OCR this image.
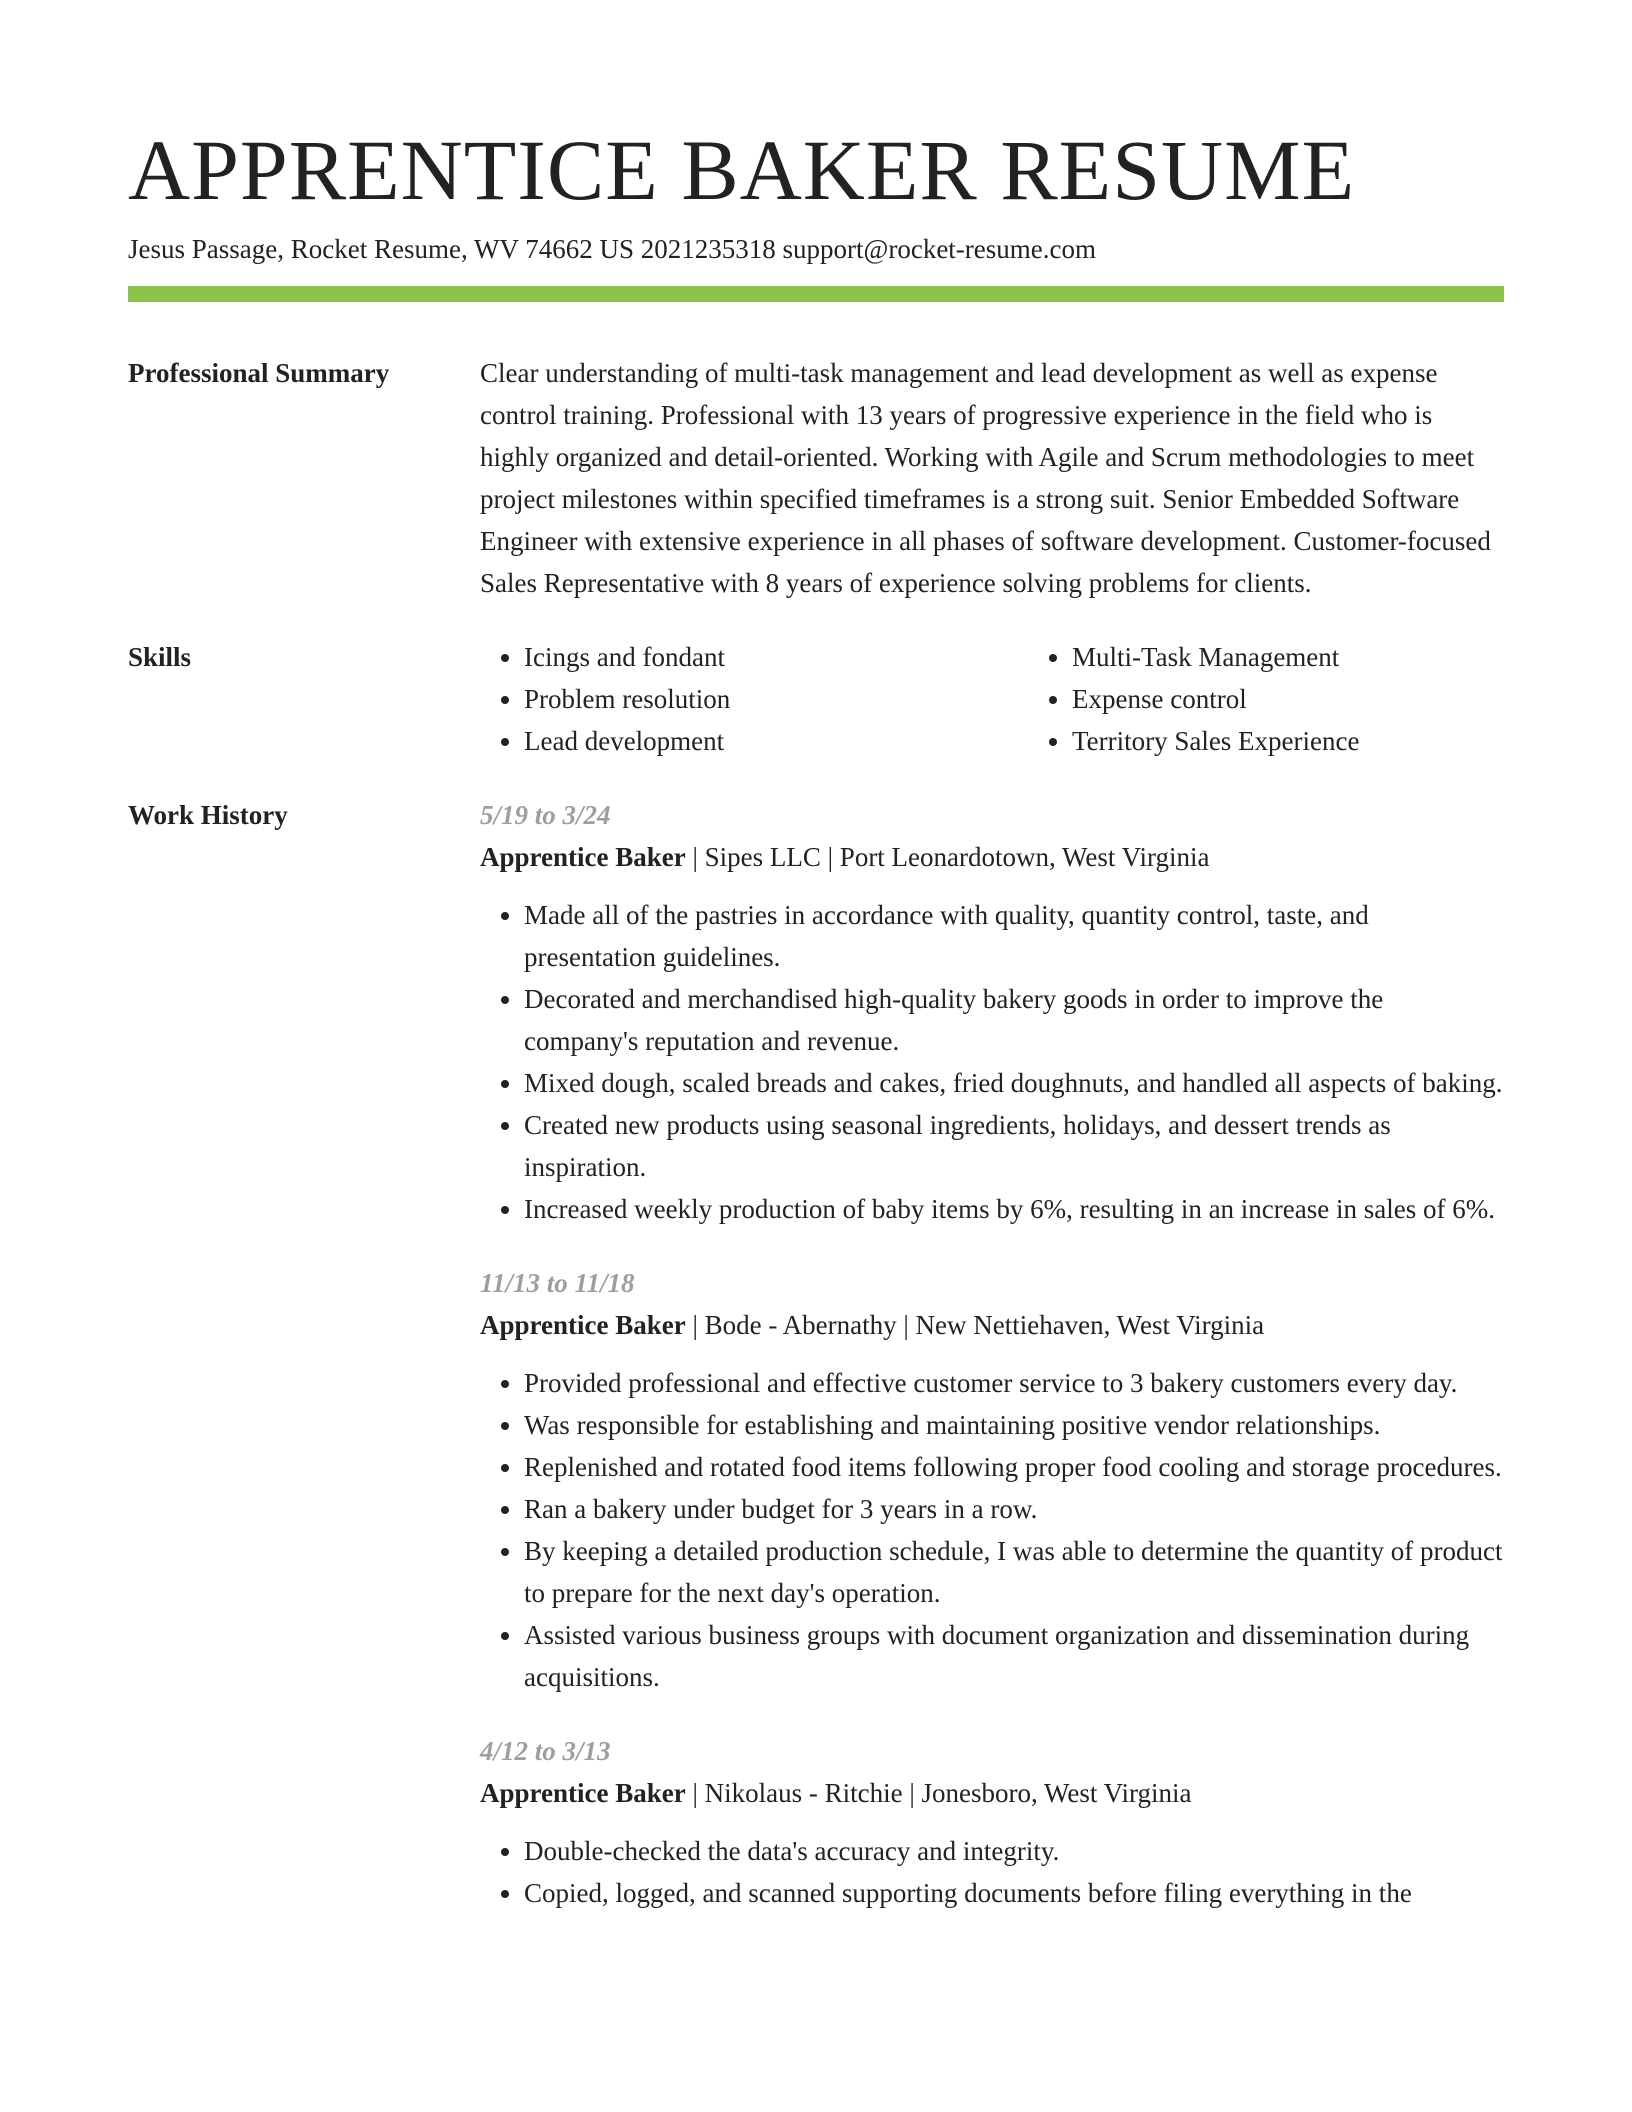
APPRENTICE BAKER RESUME
Jesus Passage, Rocket Resume, WV 74662 US 2021235318 support@rocket-resume.com
Professional Summary	Clear understanding of multi-task management and lead development as well as expense control training. Professional with 13 years of progressive experience in the field who is highly organized and detail-oriented. Working with Agile and Scrum methodologies to meet project milestones within specified timeframes is a strong suit. Senior Embedded Software Engineer with extensive experience in all phases of software development. Customer-focused Sales Representative with 8 years of experience solving problems for clients.
Skills
•	Icings and fondant
• Problem resolution
• Lead development
• Multi-Task Management
• Expense control
• Territory Sales Experience
Work History	5/19 to 3/24
Apprentice Baker | Sipes LLC | Port Leonardotown, West Virginia
• Made all of the pastries in accordance with quality, quantity control, taste, and presentation guidelines.
• Decorated and merchandised high-quality bakery goods in order to improve the company's reputation and revenue.
• Mixed dough, scaled breads and cakes, fried doughnuts, and handled all aspects of baking.
• Created new products using seasonal ingredients, holidays, and dessert trends as inspiration.
• Increased weekly production of baby items by 6%, resulting in an increase in sales of 6%.
11/13 to 11/18
Apprentice Baker | Bode - Abernathy | New Nettiehaven, West Virginia
• Provided professional and effective customer service to 3 bakery customers every day.
• Was responsible for establishing and maintaining positive vendor relationships.
• Replenished and rotated food items following proper food cooling and storage procedures.
• Ran a bakery under budget for 3 years in a row.
• By keeping a detailed production schedule, I was able to determine the quantity of product to prepare for the next day's operation.
• Assisted various business groups with document organization and dissemination during acquisitions.
4/12 to 3/13
Apprentice Baker | Nikolaus - Ritchie | Jonesboro, West Virginia
• Double-checked the data's accuracy and integrity.
• Copied, logged, and scanned supporting documents before filing everything in the
